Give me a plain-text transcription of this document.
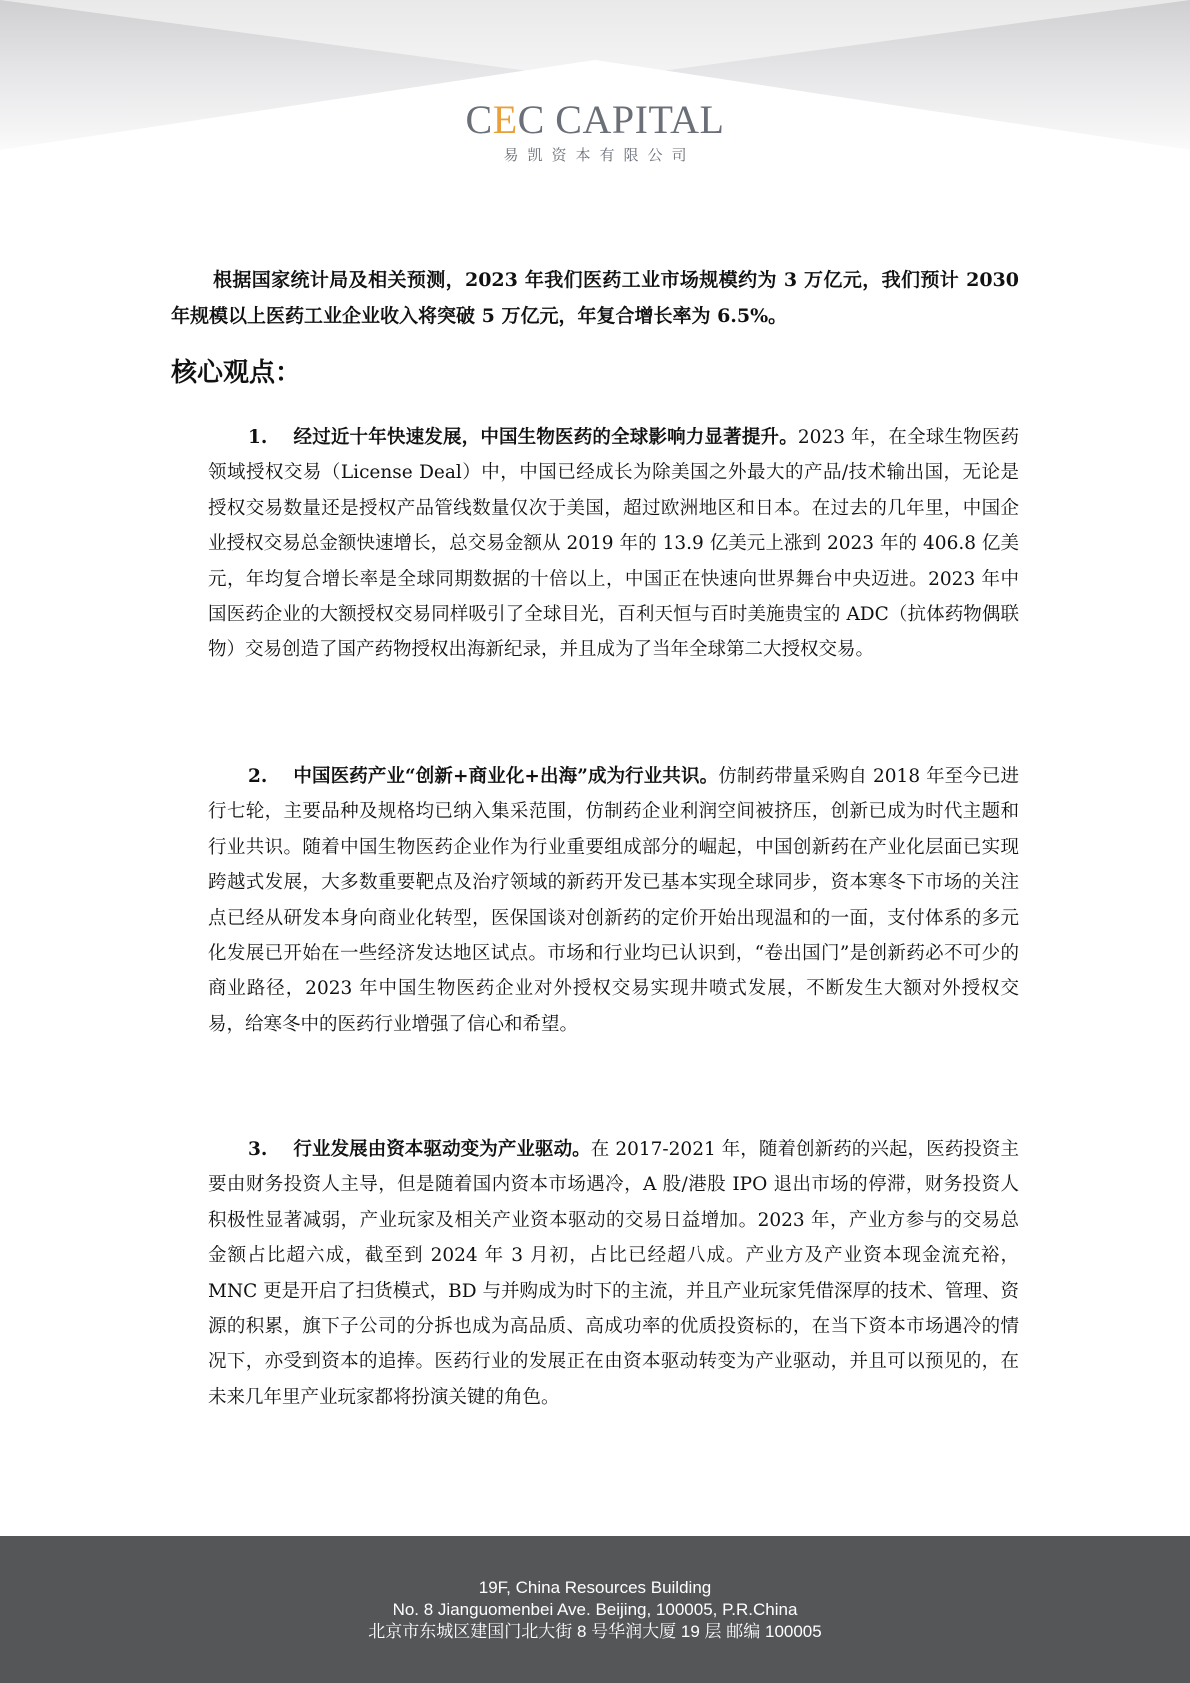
CEC CAPITAL
易凯资本有限公司

根据国家统计局及相关预测，2023 年我们医药工业市场规模约为 3 万亿元，我们预计 2030 年规模以上医药工业企业收入将突破 5 万亿元，年复合增长率为 6.5%。

核心观点：

1. 经过近十年快速发展，中国生物医药的全球影响力显著提升。2023 年，在全球生物医药领域授权交易（License Deal）中，中国已经成长为除美国之外最大的产品/技术输出国，无论是授权交易数量还是授权产品管线数量仅次于美国，超过欧洲地区和日本。在过去的几年里，中国企业授权交易总金额快速增长，总交易金额从 2019 年的 13.9 亿美元上涨到 2023 年的 406.8 亿美元，年均复合增长率是全球同期数据的十倍以上，中国正在快速向世界舞台中央迈进。2023 年中国医药企业的大额授权交易同样吸引了全球目光，百利天恒与百时美施贵宝的 ADC（抗体药物偶联物）交易创造了国产药物授权出海新纪录，并且成为了当年全球第二大授权交易。

2. 中国医药产业“创新+商业化+出海”成为行业共识。仿制药带量采购自 2018 年至今已进行七轮，主要品种及规格均已纳入集采范围，仿制药企业利润空间被挤压，创新已成为时代主题和行业共识。随着中国生物医药企业作为行业重要组成部分的崛起，中国创新药在产业化层面已实现跨越式发展，大多数重要靶点及治疗领域的新药开发已基本实现全球同步，资本寒冬下市场的关注点已经从研发本身向商业化转型，医保国谈对创新药的定价开始出现温和的一面，支付体系的多元化发展已开始在一些经济发达地区试点。市场和行业均已认识到，“卷出国门”是创新药必不可少的商业路径，2023 年中国生物医药企业对外授权交易实现井喷式发展，不断发生大额对外授权交易，给寒冬中的医药行业增强了信心和希望。

3. 行业发展由资本驱动变为产业驱动。在 2017-2021 年，随着创新药的兴起，医药投资主要由财务投资人主导，但是随着国内资本市场遇冷，A 股/港股 IPO 退出市场的停滞，财务投资人积极性显著减弱，产业玩家及相关产业资本驱动的交易日益增加。2023 年，产业方参与的交易总金额占比超六成，截至到 2024 年 3 月初，占比已经超八成。产业方及产业资本现金流充裕，MNC 更是开启了扫货模式，BD 与并购成为时下的主流，并且产业玩家凭借深厚的技术、管理、资源的积累，旗下子公司的分拆也成为高品质、高成功率的优质投资标的，在当下资本市场遇冷的情况下，亦受到资本的追捧。医药行业的发展正在由资本驱动转变为产业驱动，并且可以预见的，在未来几年里产业玩家都将扮演关键的角色。

19F, China Resources Building
No. 8 Jianguomenbei Ave. Beijing, 100005, P.R.China
北京市东城区建国门北大街 8 号华润大厦 19 层 邮编 100005
